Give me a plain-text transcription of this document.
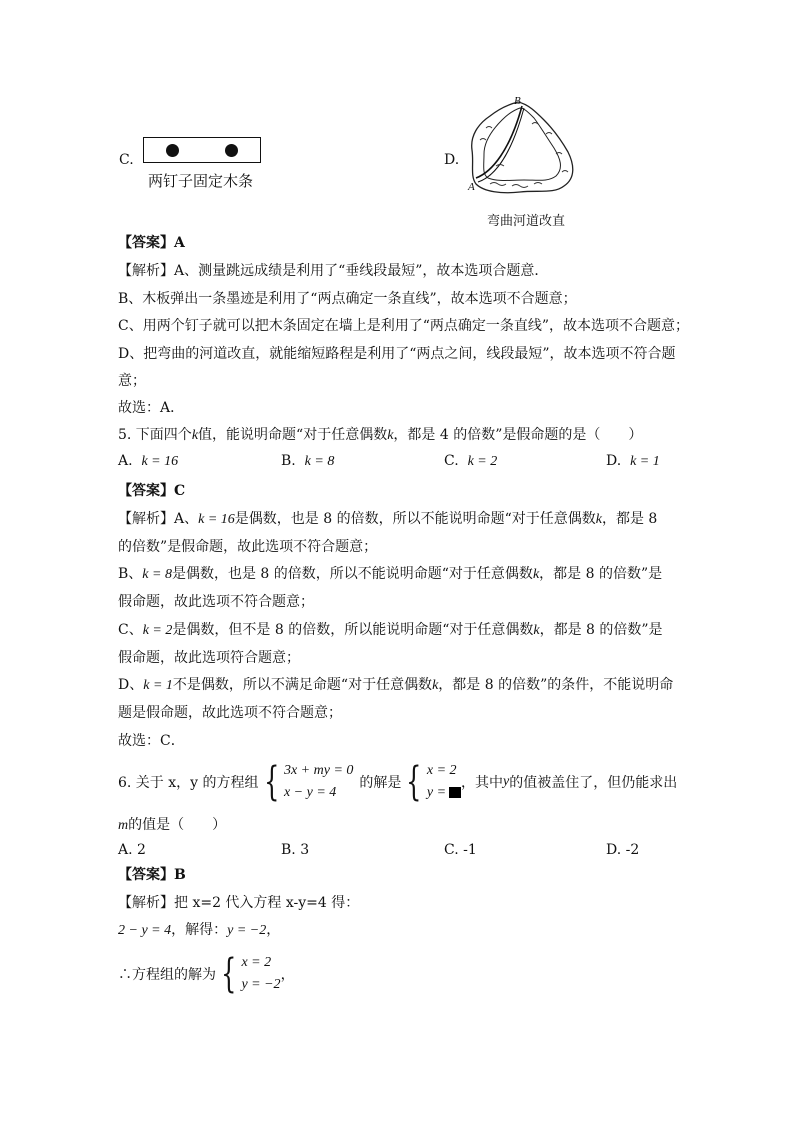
C.
两钉子固定木条
D.
B
A
弯曲河道改直
【答案】A
【解析】A、测量跳远成绩是利用了“垂线段最短”，故本选项合题意．
B、木板弹出一条墨迹是利用了“两点确定一条直线”，故本选项不合题意；
C、用两个钉子就可以把木条固定在墙上是利用了“两点确定一条直线”，故本选项不合题意；
D、把弯曲的河道改直，就能缩短路程是利用了“两点之间，线段最短”，故本选项不符合题
意；
故选：A．
5. 下面四个k值，能说明命题“对于任意偶数k，都是 4 的倍数”是假命题的是（　　）
A. k = 16	B. k = 8	C. k = 2	D. k = 1
【答案】C
【解析】A、k = 16是偶数，也是 8 的倍数，所以不能说明命题“对于任意偶数k，都是 8
的倍数”是假命题，故此选项不符合题意；
B、k = 8是偶数，也是 8 的倍数，所以不能说明命题“对于任意偶数k，都是 8 的倍数”是
假命题，故此选项不符合题意；
C、k = 2是偶数，但不是 8 的倍数，所以能说明命题“对于任意偶数k，都是 8 的倍数”是
假命题，故此选项符合题意；
D、k = 1不是偶数，所以不满足命题“对于任意偶数k，都是 8 的倍数”的条件，不能说明命
题是假命题，故此选项不符合题意；
故选：C．
6. 关于 x，y 的方程组 { 3x + my = 0
x − y = 4
的解是 { x = 2
y =
，其中 y 的值被盖住了，但仍能求出
m的值是（　　）
A. 2	B. 3	C. -1	D. -2
【答案】B
【解析】把 x=2 代入方程 x-y=4 得：
2 − y = 4，解得：y = −2，
∴方程组的解为 { x = 2
y = −2
，
